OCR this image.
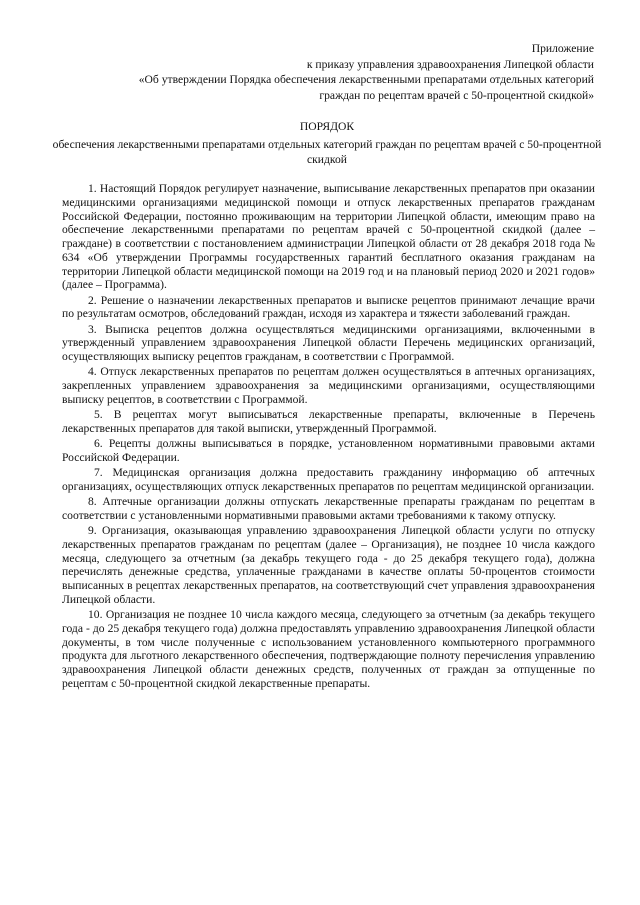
Приложение
к приказу управления здравоохранения Липецкой области
«Об утверждении Порядка обеспечения лекарственными препаратами отдельных категорий
граждан по рецептам врачей с 50-процентной скидкой»
ПОРЯДОК
обеспечения лекарственными препаратами отдельных категорий граждан по рецептам врачей с 50-процентной скидкой

1. Настоящий Порядок регулирует назначение, выписывание лекарственных препаратов при оказании медицинскими организациями медицинской помощи и отпуск лекарственных препаратов гражданам Российской Федерации, постоянно проживающим на территории Липецкой области, имеющим право на обеспечение лекарственными препаратами по рецептам врачей с 50-процентной скидкой (далее – граждане) в соответствии с постановлением администрации Липецкой области от 28 декабря 2018 года № 634 «Об утверждении Программы государственных гарантий бесплатного оказания гражданам на территории Липецкой области медицинской помощи на 2019 год и на плановый период 2020 и 2021 годов» (далее – Программа).

2. Решение о назначении лекарственных препаратов и выписке рецептов принимают лечащие врачи по результатам осмотров, обследований граждан, исходя из характера и тяжести заболеваний граждан.

3. Выписка рецептов должна осуществляться медицинскими организациями, включенными в утвержденный управлением здравоохранения Липецкой области Перечень медицинских организаций, осуществляющих выписку рецептов гражданам, в соответствии с Программой.

4. Отпуск лекарственных препаратов по рецептам должен осуществляться в аптечных организациях, закрепленных управлением здравоохранения за медицинскими организациями, осуществляющими выписку рецептов, в соответствии с Программой.

5. В рецептах могут выписываться лекарственные препараты, включенные в Перечень лекарственных препаратов для такой выписки, утвержденный Программой.

6. Рецепты должны выписываться в порядке, установленном нормативными правовыми актами Российской Федерации.

7. Медицинская организация должна предоставить гражданину информацию об аптечных организациях, осуществляющих отпуск лекарственных препаратов по рецептам медицинской организации.

8. Аптечные организации должны отпускать лекарственные препараты гражданам по рецептам в соответствии с установленными нормативными правовыми актами требованиями к такому отпуску.

9. Организация, оказывающая управлению здравоохранения Липецкой области услуги по отпуску лекарственных препаратов гражданам по рецептам (далее – Организация), не позднее 10 числа каждого месяца, следующего за отчетным (за декабрь текущего года - до 25 декабря текущего года), должна перечислять денежные средства, уплаченные гражданами в качестве оплаты 50-процентов стоимости выписанных в рецептах лекарственных препаратов, на соответствующий счет управления здравоохранения Липецкой области.

10. Организация не позднее 10 числа каждого месяца, следующего за отчетным (за декабрь текущего года - до 25 декабря текущего года) должна предоставлять управлению здравоохранения Липецкой области документы, в том числе полученные с использованием установленного компьютерного программного продукта для льготного лекарственного обеспечения, подтверждающие полноту перечисления управлению здравоохранения Липецкой области денежных средств, полученных от граждан за отпущенные по рецептам с 50-процентной скидкой лекарственные препараты.
